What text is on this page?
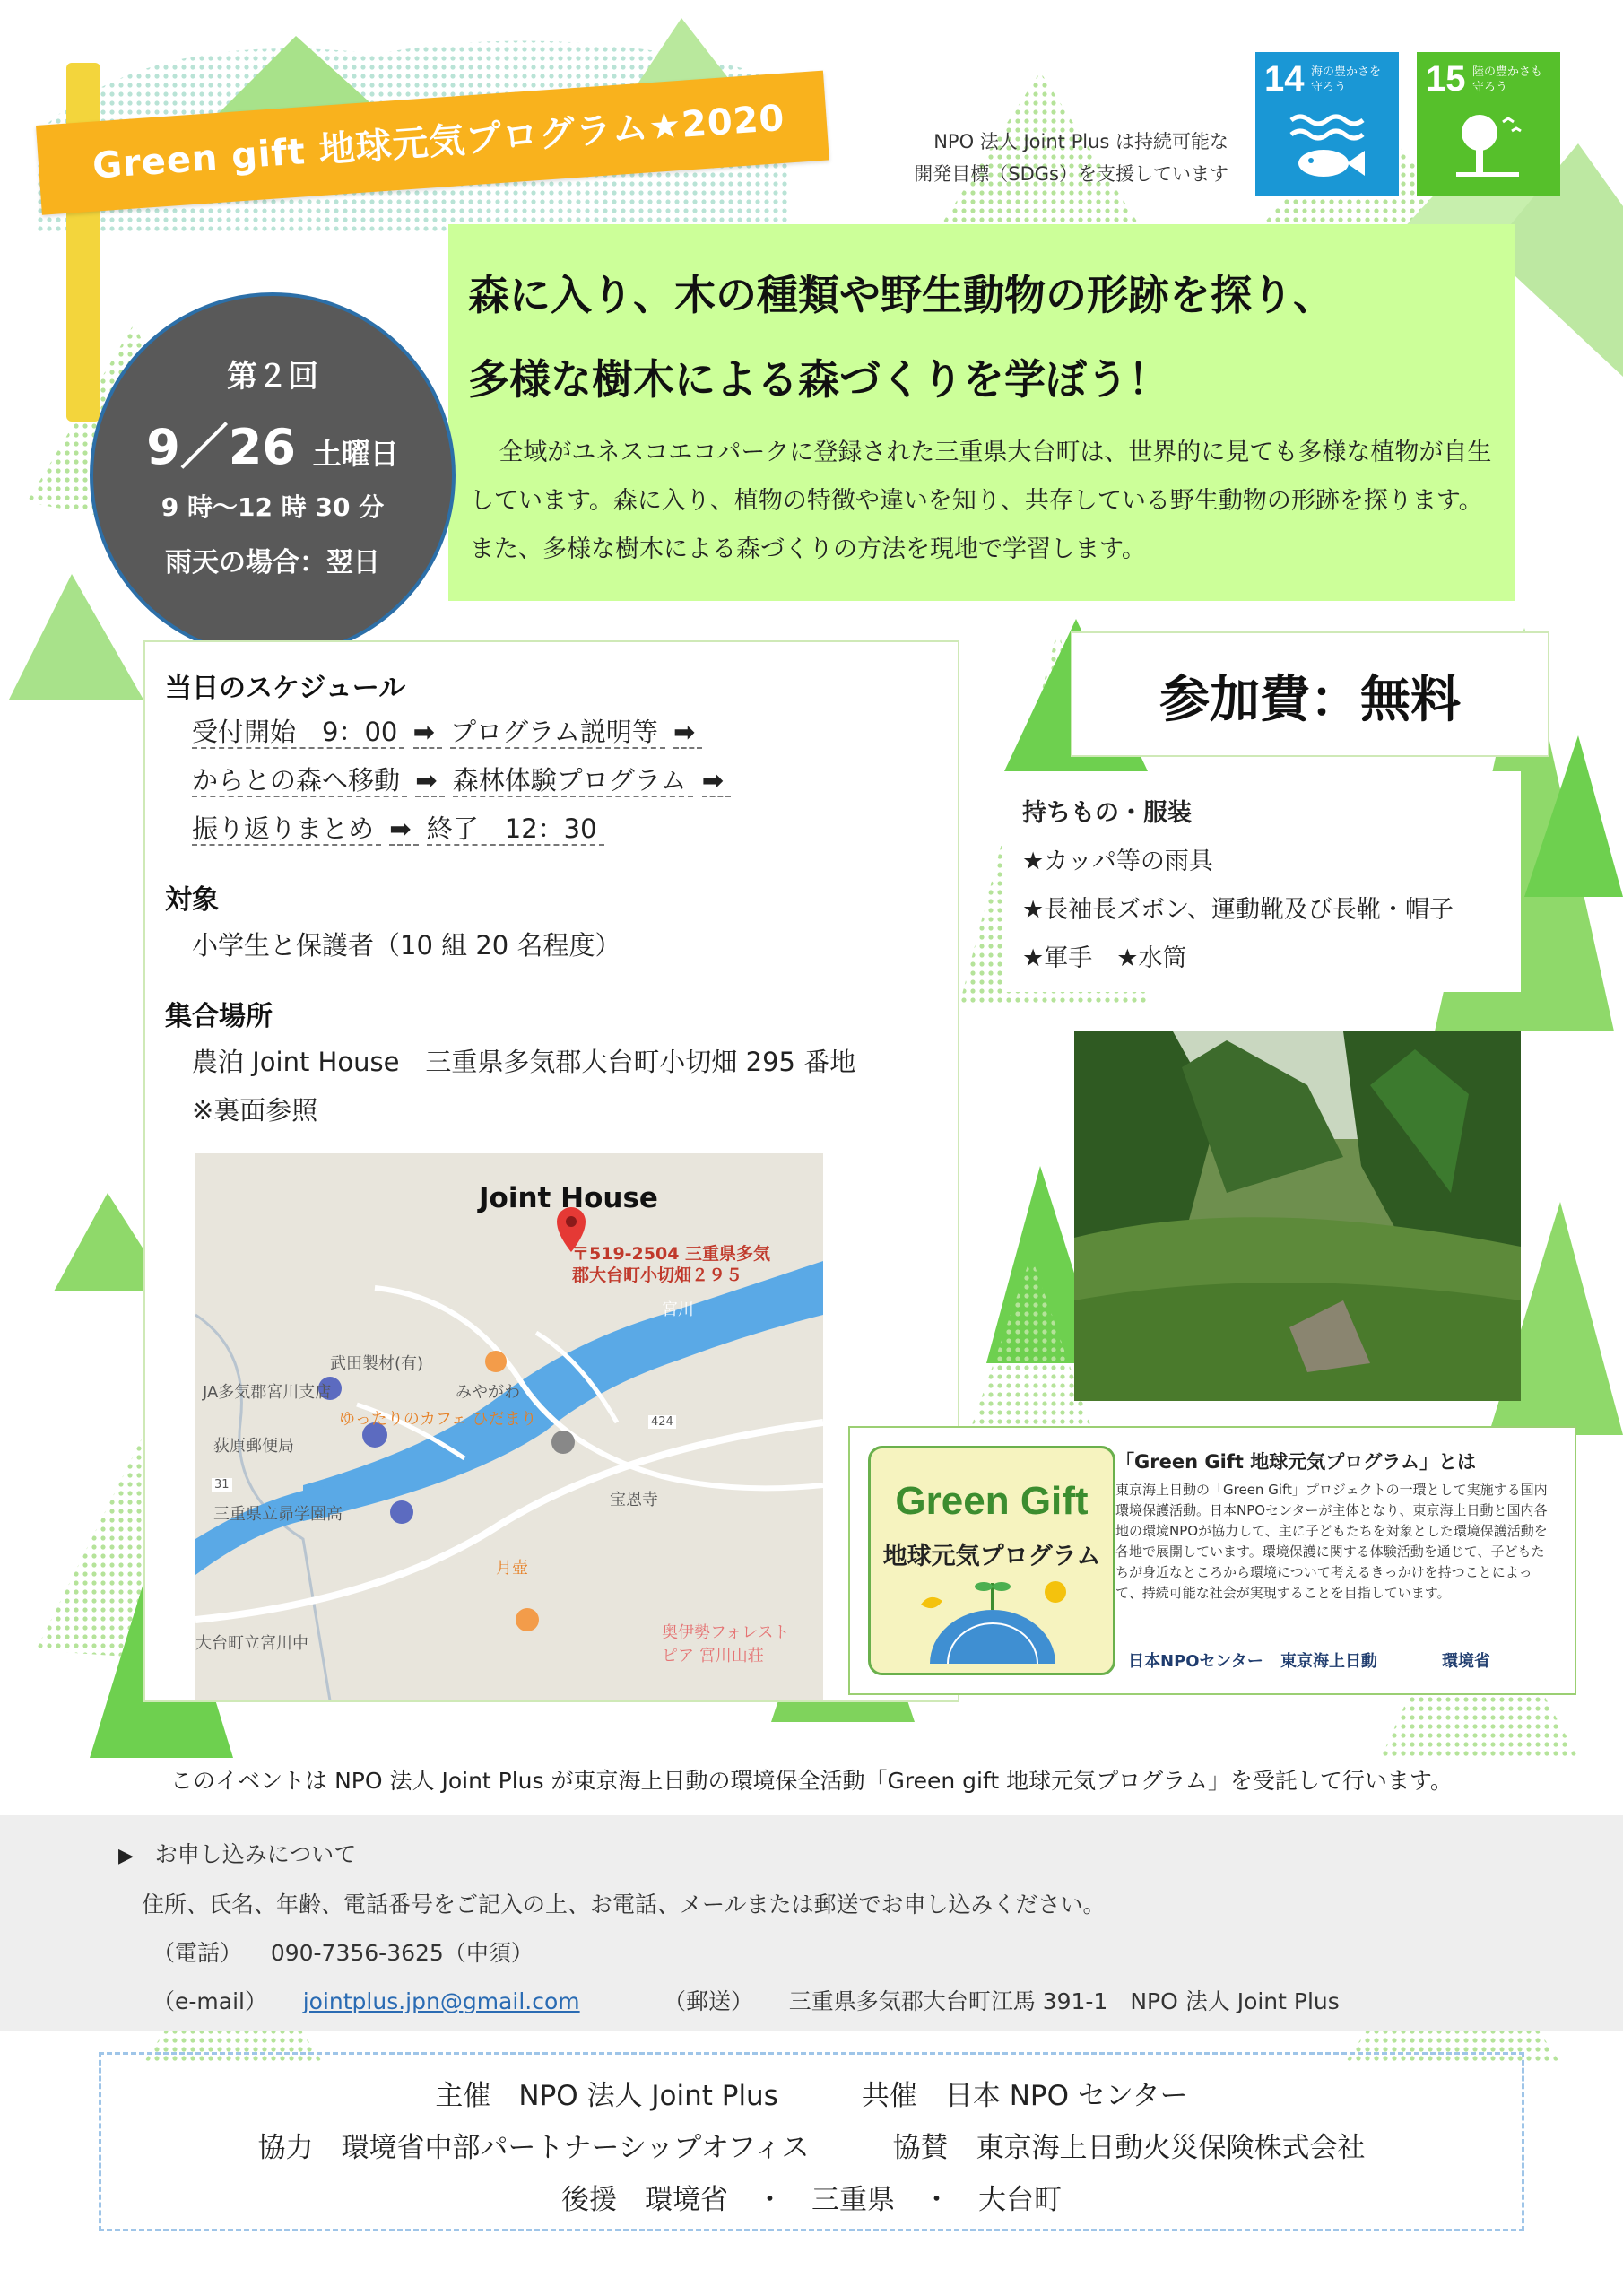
Green gift 地球元気プログラム★2020	NPO 法人 Joint Plus は持続可能な
開発目標（SDGs）を支援しています
14 海の豊かさを守ろう	15 陸の豊かさも守ろう
森に入り、木の種類や野生動物の形跡を探り、
多様な樹木による森づくりを学ぼう！
全域がユネスコエコパークに登録された三重県大台町は、世界的に見ても多様な植物が自生しています。森に入り、植物の特徴や違いを知り、共存している野生動物の形跡を探ります。また、多様な樹木による森づくりの方法を現地で学習します。
第２回
9／26 土曜日
9 時～12 時 30 分
雨天の場合：翌日
当日のスケジュール
受付開始　9：00 ➡ プログラム説明等 ➡
からとの森へ移動 ➡ 森林体験プログラム ➡
振り返りまとめ ➡ 終了　12：30
対象
小学生と保護者（10 組 20 名程度）
集合場所
農泊 Joint House　三重県多気郡大台町小切畑 295 番地
※裏面参照
Joint House
〒519-2504 三重県多気
郡大台町小切畑２９５
武田製材(有)
JA多気郡宮川支店	みやがわ
ゆったりのカフェ ひだまり
荻原郵便局
三重県立昴学園高
宝恩寺
月壺
大台町立宮川中
奥伊勢フォレスト ピア 宮川山荘
宮川
424
31
参加費：無料
持ちもの・服装
★カッパ等の雨具
★長袖長ズボン、運動靴及び長靴・帽子
★軍手　★水筒
Green Gift
地球元気プログラム
「Green Gift 地球元気プログラム」とは
東京海上日動の「Green Gift」プロジェクトの一環として実施する国内環境保護活動。日本NPOセンターが主体となり、東京海上日動と国内各地の環境NPOが協力して、主に子どもたちを対象とした環境保護活動を各地で展開しています。環境保護に関する体験活動を通じて、子どもたちが身近なところから環境について考えるきっかけを持つことによって、持続可能な社会が実現することを目指しています。
日本NPOセンター 東京海上日動	環境省
このイベントは NPO 法人 Joint Plus が東京海上日動の環境保全活動「Green gift 地球元気プログラム」を受託して行います。
▶ お申し込みについて
住所、氏名、年齢、電話番号をご記入の上、お電話、メールまたは郵送でお申し込みください。
（電話） 090-7356-3625（中須）
（e-mail） jointplus.jpn@gmail.com	（郵送） 三重県多気郡大台町江馬 391-1　NPO 法人 Joint Plus
主催　NPO 法人 Joint Plus　　　共催　日本 NPO センター
協力　環境省中部パートナーシップオフィス　　　協賛　東京海上日動火災保険株式会社
後援　環境省　・　三重県　・　大台町
